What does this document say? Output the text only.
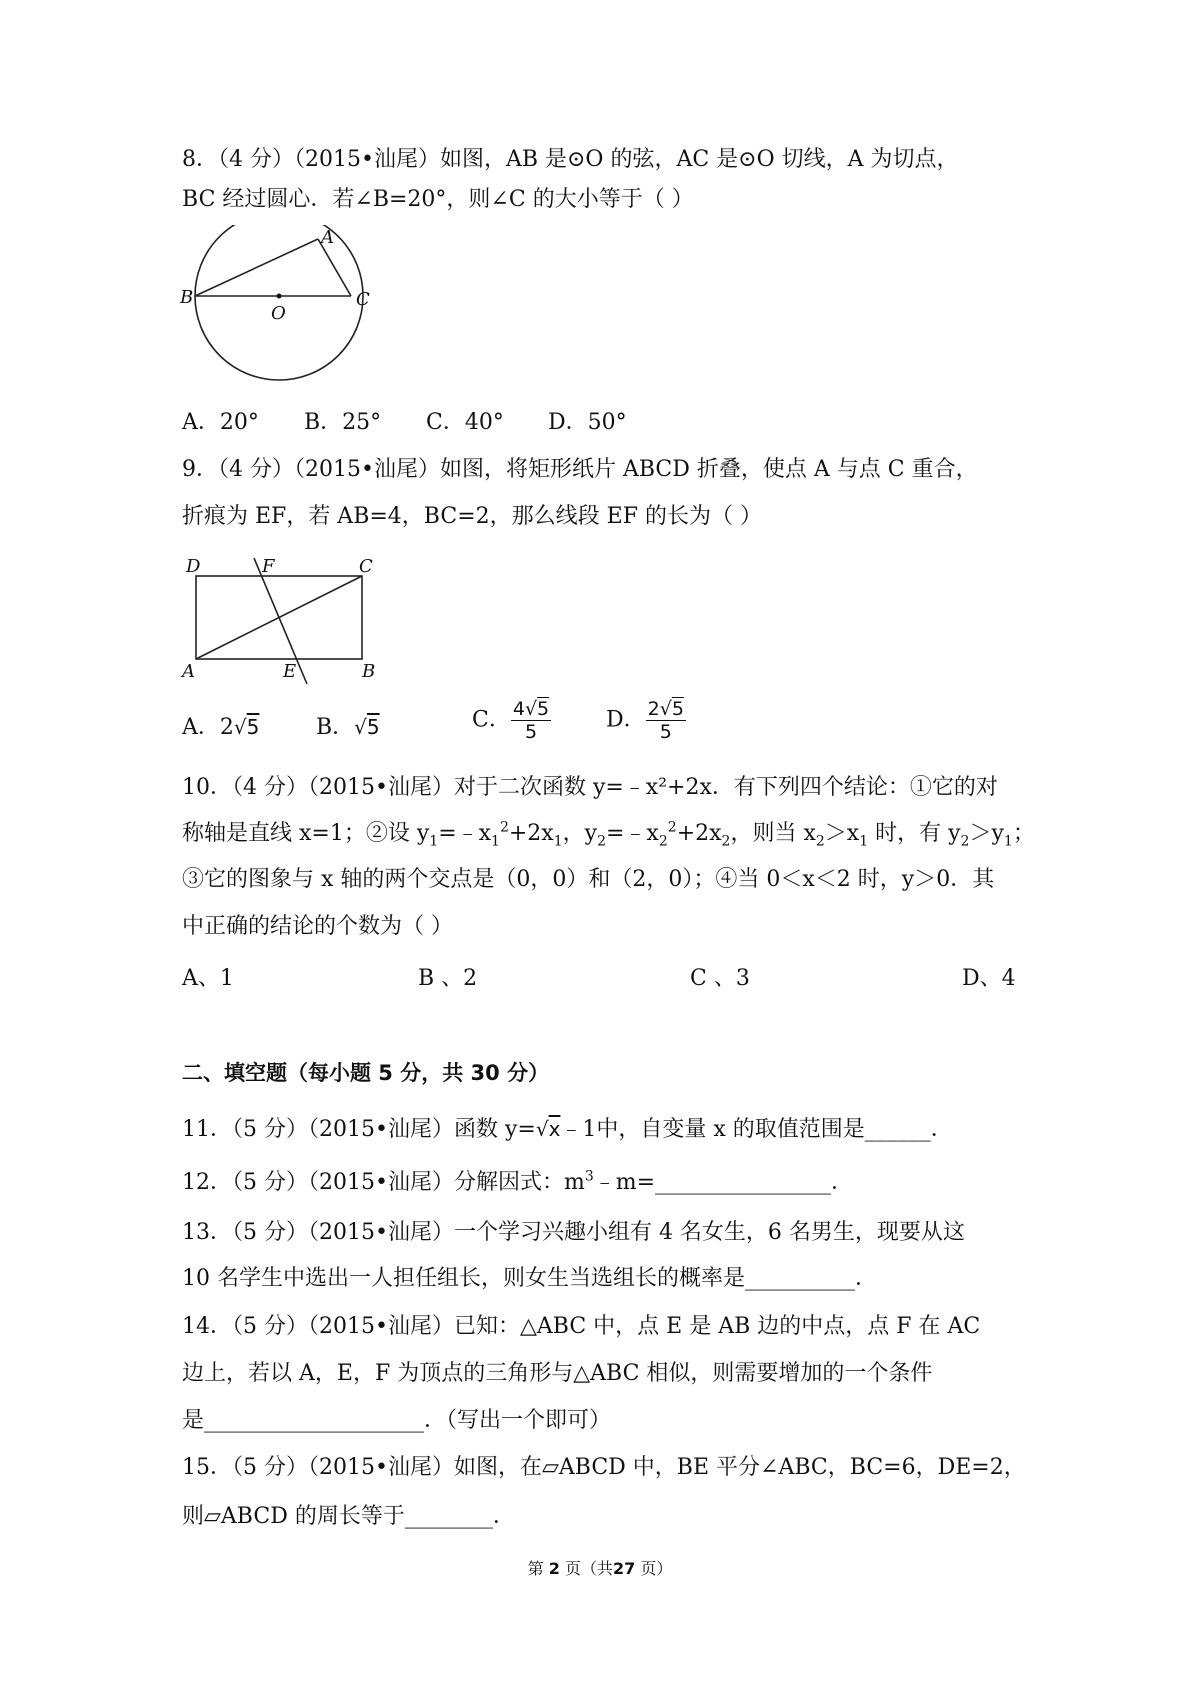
8．（4 分）（2015•汕尾）如图，AB 是⊙O 的弦，AC 是⊙O 切线，A 为切点，
BC 经过圆心．若∠B=20°，则∠C 的大小等于（ ）
A
B	C
O
A．20° B．25° C．40° D．50°
9．（4 分）（2015•汕尾）如图，将矩形纸片 ABCD 折叠，使点 A 与点 C 重合，
折痕为 EF，若 AB=4，BC=2，那么线段 EF 的长为（ ）
D	F	C
A	E	B
A．2√5	B．√5	C． $\frac{4√5}{5}$ D． $\frac{2√5}{5}$
10．（4 分）（2015•汕尾）对于二次函数 y=﹣x²+2x．有下列四个结论：①它的对
称轴是直线 x=1；②设 $y_1=﹣x_1^2+2x_1$，$y_2=﹣x_2^2+2x_2$，则当 $x_2>x_1$ 时，有 $y_2>y_1$；
③它的图象与 x 轴的两个交点是（0，0）和（2，0）；④当 0＜x＜2 时，y＞0．其
中正确的结论的个数为（ ）
A、1	B 、2	C 、3	D、4
二、填空题（每小题 5 分，共 30 分）
11．（5 分）（2015•汕尾）函数 y=√x﹣1中，自变量 x 的取值范围是______．
12．（5 分）（2015•汕尾）分解因式：$m^3﹣m=\_\_\_\_\_\_\_\_\_\_\_\_\_\_\_\_$．
13．（5 分）（2015•汕尾）一个学习兴趣小组有 4 名女生，6 名男生，现要从这
10 名学生中选出一人担任组长，则女生当选组长的概率是__________．
14．（5 分）（2015•汕尾）已知：△ABC 中，点 E 是 AB 边的中点，点 F 在 AC
边上，若以 A，E，F 为顶点的三角形与△ABC 相似，则需要增加的一个条件
是____________________．（写出一个即可）
15．（5 分）（2015•汕尾）如图，在▱ABCD 中，BE 平分∠ABC，BC=6，DE=2，
则▱ABCD 的周长等于________．
第 2 页（共27 页）
